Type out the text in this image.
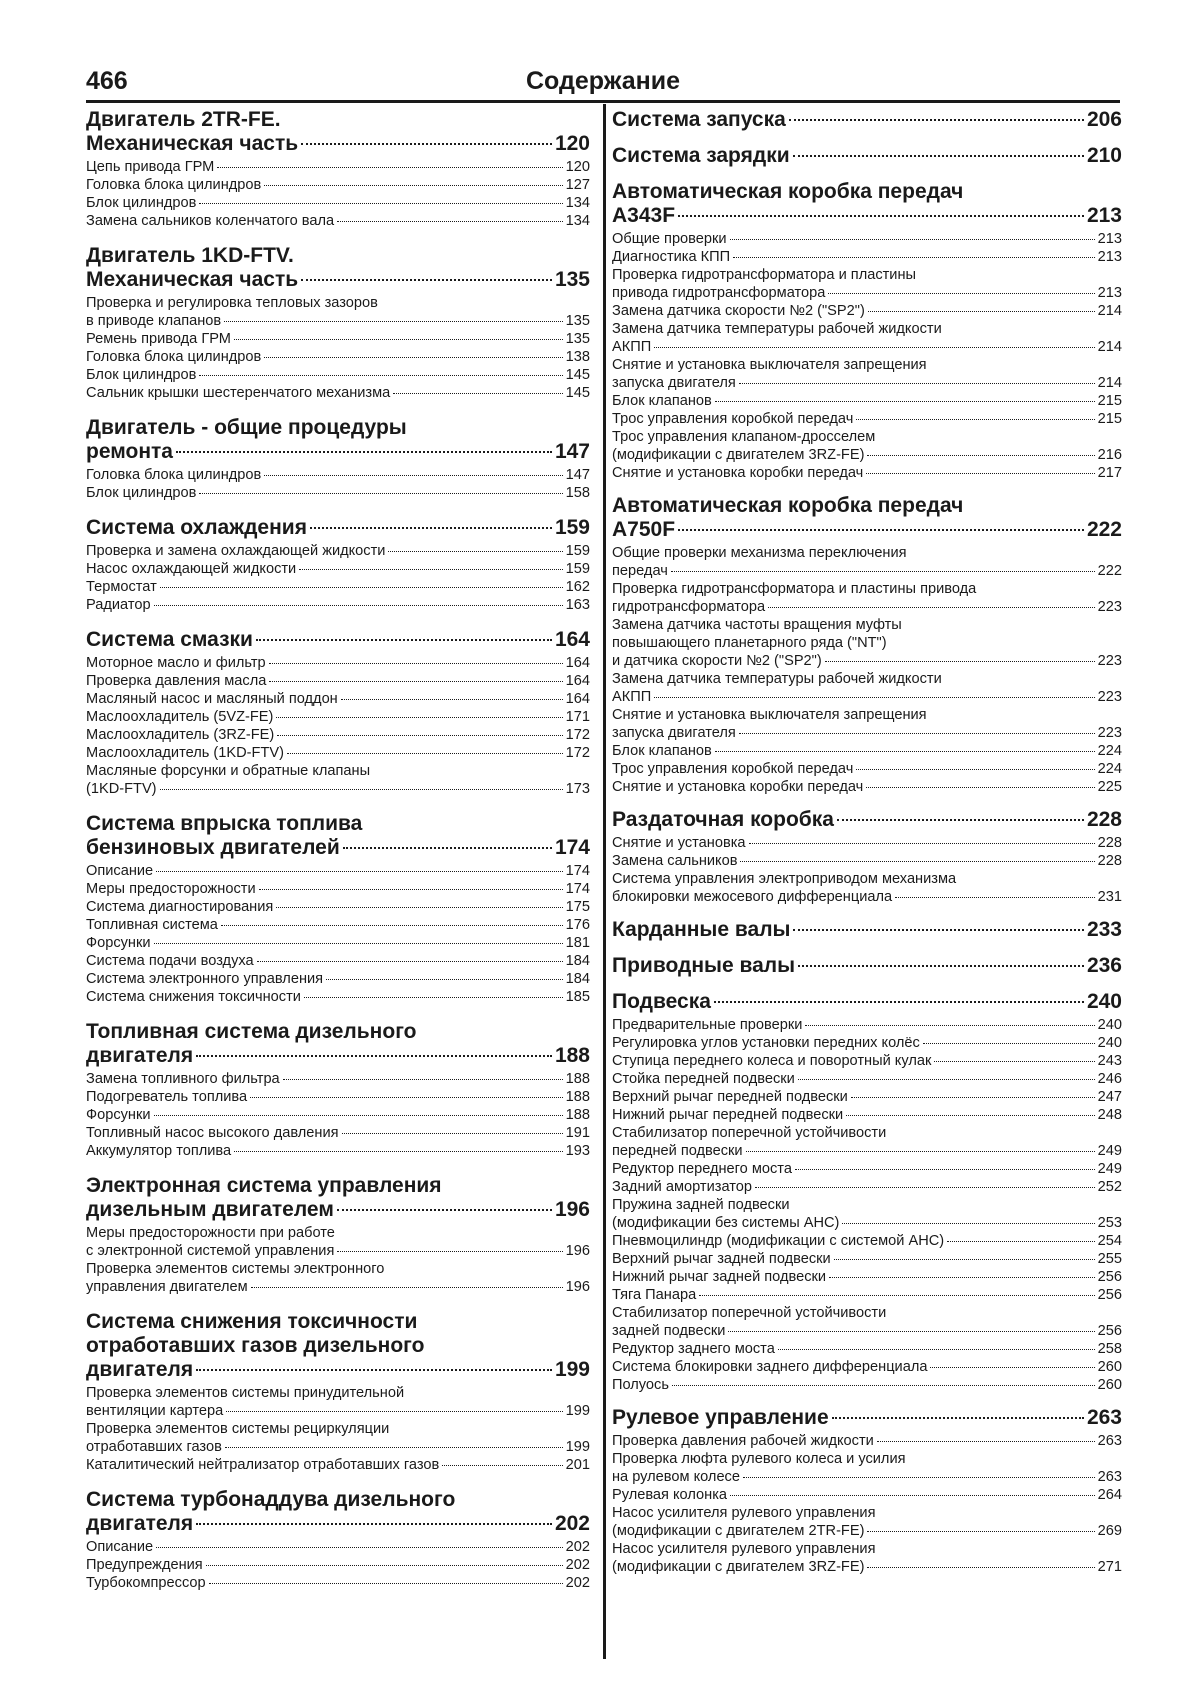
466	Содержание
Двигатель 2TR-FE.
Механическая часть	120
Цепь привода ГРМ	120
Головка блока цилиндров	127
Блок цилиндров	134
Замена сальников коленчатого вала	134
Двигатель 1KD-FTV.
Механическая часть	135
Проверка и регулировка тепловых зазоров
в приводе клапанов	135
Ремень привода ГРМ	135
Головка блока цилиндров	138
Блок цилиндров	145
Сальник крышки шестеренчатого механизма	145
Двигатель - общие процедуры
ремонта	147
Головка блока цилиндров	147
Блок цилиндров	158
Система охлаждения	159
Проверка и замена охлаждающей жидкости	159
Насос охлаждающей жидкости	159
Термостат	162
Радиатор	163
Система смазки	164
Моторное масло и фильтр	164
Проверка давления масла	164
Масляный насос и масляный поддон	164
Маслоохладитель (5VZ-FE)	171
Маслоохладитель (3RZ-FE)	172
Маслоохладитель (1KD-FTV)	172
Масляные форсунки и обратные клапаны
(1KD-FTV)	173
Система впрыска топлива
бензиновых двигателей	174
Описание	174
Меры предосторожности	174
Система диагностирования	175
Топливная система	176
Форсунки	181
Система подачи воздуха	184
Система электронного управления	184
Система снижения токсичности	185
Топливная система дизельного
двигателя	188
Замена топливного фильтра	188
Подогреватель топлива	188
Форсунки	188
Топливный насос высокого давления	191
Аккумулятор топлива	193
Электронная система управления
дизельным двигателем	196
Меры предосторожности при работе
с электронной системой управления	196
Проверка элементов системы электронного
управления двигателем	196
Система снижения токсичности
отработавших газов дизельного
двигателя	199
Проверка элементов системы принудительной
вентиляции картера	199
Проверка элементов системы рециркуляции
отработавших газов	199
Каталитический нейтрализатор отработавших газов	201
Система турбонаддува дизельного
двигателя	202
Описание	202
Предупреждения	202
Турбокомпрессор	202
Система запуска	206
Система зарядки	210
Автоматическая коробка передач
A343F	213
Общие проверки	213
Диагностика КПП	213
Проверка гидротрансформатора и пластины
привода гидротрансформатора	213
Замена датчика скорости №2 ("SP2")	214
Замена датчика температуры рабочей жидкости
АКПП	214
Снятие и установка выключателя запрещения
запуска двигателя	214
Блок клапанов	215
Трос управления коробкой передач	215
Трос управления клапаном-дросселем
(модификации с двигателем 3RZ-FE)	216
Снятие и установка коробки передач	217
Автоматическая коробка передач
A750F	222
Общие проверки механизма переключения
передач	222
Проверка гидротрансформатора и пластины привода
гидротрансформатора	223
Замена датчика частоты вращения муфты
повышающего планетарного ряда ("NT")
и датчика скорости №2 ("SP2")	223
Замена датчика температуры рабочей жидкости
АКПП	223
Снятие и установка выключателя запрещения
запуска двигателя	223
Блок клапанов	224
Трос управления коробкой передач	224
Снятие и установка коробки передач	225
Раздаточная коробка	228
Снятие и установка	228
Замена сальников	228
Система управления электроприводом механизма
блокировки межосевого дифференциала	231
Карданные валы	233
Приводные валы	236
Подвеска	240
Предварительные проверки	240
Регулировка углов установки передних колёс	240
Ступица переднего колеса и поворотный кулак	243
Стойка передней подвески	246
Верхний рычаг передней подвески	247
Нижний рычаг передней подвески	248
Стабилизатор поперечной устойчивости
передней подвески	249
Редуктор переднего моста	249
Задний амортизатор	252
Пружина задней подвески
(модификации без системы AHC)	253
Пневмоцилиндр (модификации с системой AHC)	254
Верхний рычаг задней подвески	255
Нижний рычаг задней подвески	256
Тяга Панара	256
Стабилизатор поперечной устойчивости
задней подвески	256
Редуктор заднего моста	258
Система блокировки заднего дифференциала	260
Полуось	260
Рулевое управление	263
Проверка давления рабочей жидкости	263
Проверка люфта рулевого колеса и усилия
на рулевом колесе	263
Рулевая колонка	264
Насос усилителя рулевого управления
(модификации с двигателем 2TR-FE)	269
Насос усилителя рулевого управления
(модификации с двигателем 3RZ-FE)	271
